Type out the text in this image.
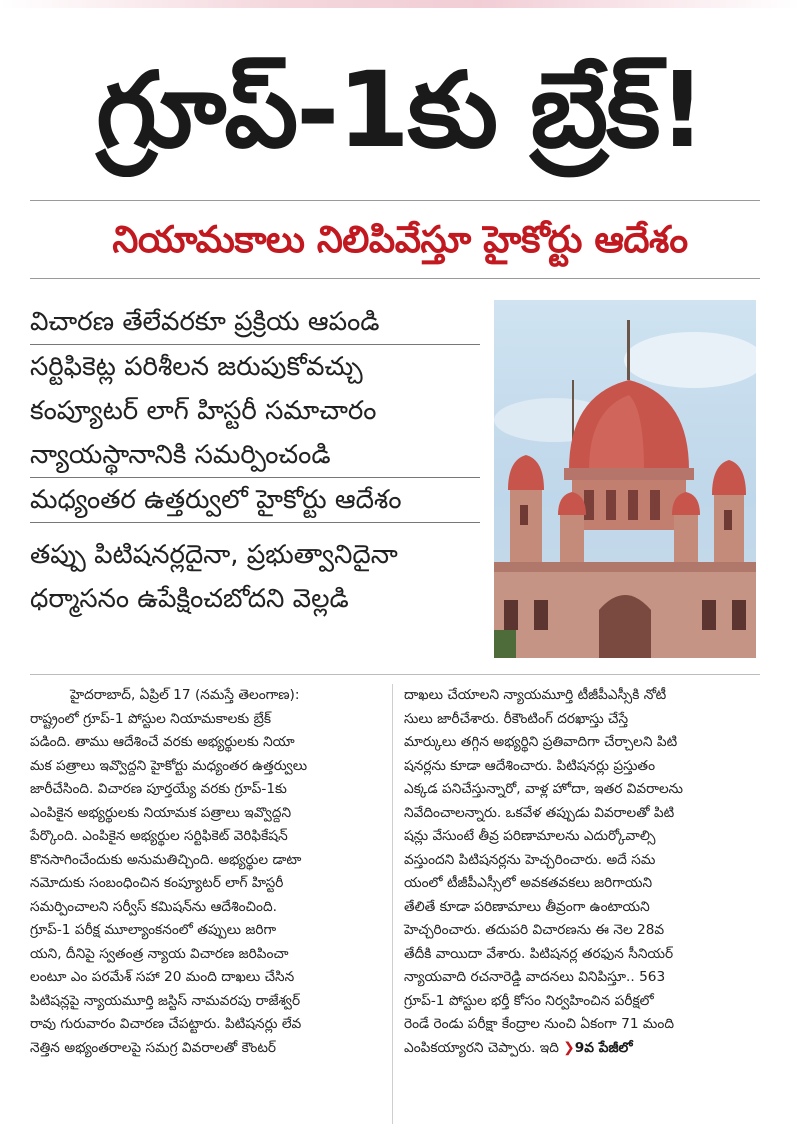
గ్రూప్-1కు బ్రేక్!
నియామకాలు నిలిపివేస్తూ హైకోర్టు ఆదేశం
విచారణ తేలేవరకూ ప్రక్రియ ఆపండి
సర్టిఫికెట్ల పరిశీలన జరుపుకోవచ్చు
కంప్యూటర్ లాగ్ హిస్టరీ సమాచారం
న్యాయస్థానానికి సమర్పించండి
మధ్యంతర ఉత్తర్వులో హైకోర్టు ఆదేశం
తప్పు పిటిషనర్లదైనా, ప్రభుత్వానిదైనా
ధర్మాసనం ఉపేక్షించబోదని వెల్లడి
హైదరాబాద్, ఏప్రిల్ 17 (నమస్తే తెలంగాణ):
రాష్ట్రంలో గ్రూప్-1 పోస్టుల నియామకాలకు బ్రేక్
పడింది. తాము ఆదేశించే వరకు అభ్యర్థులకు నియా
మక పత్రాలు ఇవ్వొద్దని హైకోర్టు మధ్యంతర ఉత్తర్వులు
జారీచేసింది. విచారణ పూర్తయ్యే వరకు గ్రూప్-1కు
ఎంపికైన అభ్యర్థులకు నియామక పత్రాలు ఇవ్వొద్దని
పేర్కొంది. ఎంపికైన అభ్యర్థుల సర్టిఫికెట్ వెరిఫికేషన్
కొనసాగించేందుకు అనుమతిచ్చింది. అభ్యర్థుల డాటా
నమోదుకు సంబంధించిన కంప్యూటర్ లాగ్ హిస్టరీ
సమర్పించాలని సర్వీస్ కమిషన్‌ను ఆదేశించింది.
గ్రూప్-1 పరీక్ష మూల్యాంకనంలో తప్పులు జరిగా
యని, దీనిపై స్వతంత్ర న్యాయ విచారణ జరిపించా
లంటూ ఎం పరమేశ్ సహా 20 మంది దాఖలు చేసిన
పిటిషన్లపై న్యాయమూర్తి జస్టిస్ నామవరపు రాజేశ్వర్
రావు గురువారం విచారణ చేపట్టారు. పిటిషనర్లు లేవ
నెత్తిన అభ్యంతరాలపై సమగ్ర వివరాలతో కౌంటర్
దాఖలు చేయాలని న్యాయమూర్తి టీజీపీఎస్సీకి నోటీ
సులు జారీచేశారు. రీకౌంటింగ్ దరఖాస్తు చేస్తే
మార్కులు తగ్గిన అభ్యర్థిని ప్రతివాదిగా చేర్చాలని పిటి
షనర్లను కూడా ఆదేశించారు. పిటిషనర్లు ప్రస్తుతం
ఎక్కడ పనిచేస్తున్నారో, వాళ్ల హోదా, ఇతర వివరాలను
నివేదించాలన్నారు. ఒకవేళ తప్పుడు వివరాలతో పిటి
షన్లు వేసుంటే తీవ్ర పరిణామాలను ఎదుర్కోవాల్సి
వస్తుందని పిటిషనర్లను హెచ్చరించారు. అదే సమ
యంలో టీజీపీఎస్సీలో అవకతవకలు జరిగాయని
తేలితే కూడా పరిణామాలు తీవ్రంగా ఉంటాయని
హెచ్చరించారు. తదుపరి విచారణను ఈ నెల 28వ
తేదీకి వాయిదా వేశారు. పిటిషనర్ల తరఫున సీనియర్
న్యాయవాది రచనారెడ్డి వాదనలు వినిపిస్తూ.. 563
గ్రూప్-1 పోస్టుల భర్తీ కోసం నిర్వహించిన పరీక్షలో
రెండే రెండు పరీక్షా కేంద్రాల నుంచి ఏకంగా 71 మంది
ఎంపికయ్యారని చెప్పారు. ఇది ❯9వ పేజీలో
